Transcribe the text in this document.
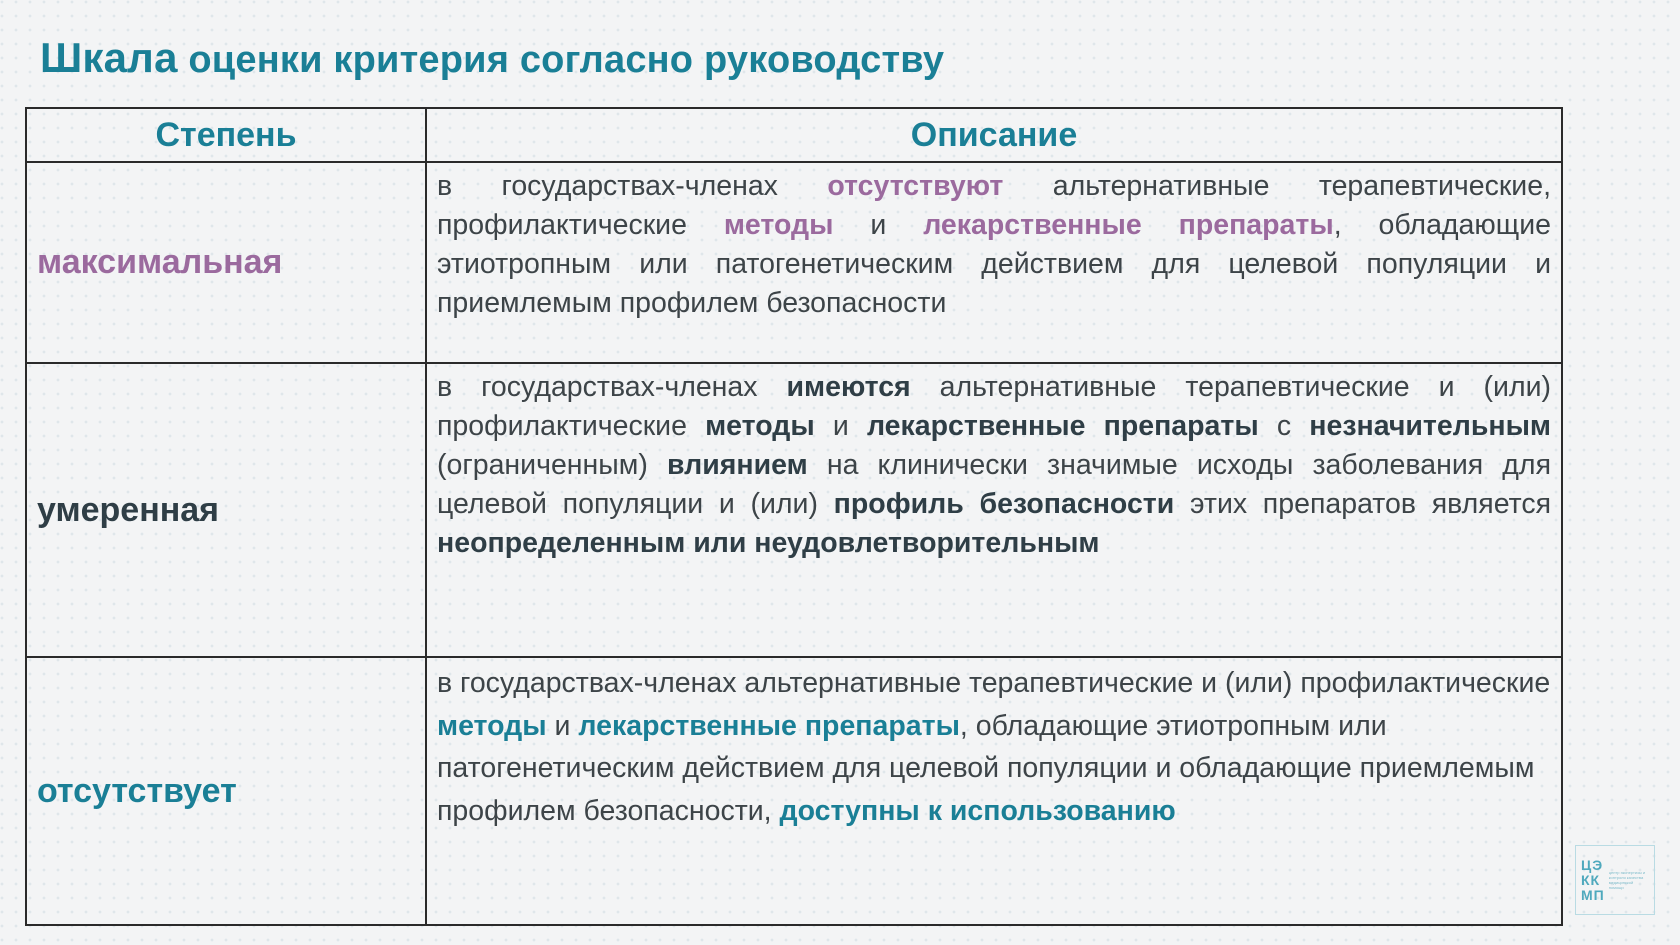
Шкала оценки критерия согласно руководству
Степень	Описание
максимальная	в государствах-членах отсутствуют альтернативные терапевтические, профилактические методы и лекарственные препараты, обладающие этиотропным или патогенетическим действием для целевой популяции и приемлемым профилем безопасности

умеренная	в государствах-членах имеются альтернативные терапевтические и (или) профилактические методы и лекарственные препараты с незначительным (ограниченным) влиянием на клинически значимые исходы заболевания для целевой популяции и (или) профиль безопасности этих препаратов является неопределенным или неудовлетворительным

отсутствует	в государствах-членах альтернативные терапевтические и (или) профилактические методы и лекарственные препараты, обладающие этиотропным или патогенетическим действием для целевой популяции и обладающие приемлемым профилем безопасности, доступны к использованию

ЦЭ
КК
МП
центр экспертизы и контроля качества медицинской помощи
